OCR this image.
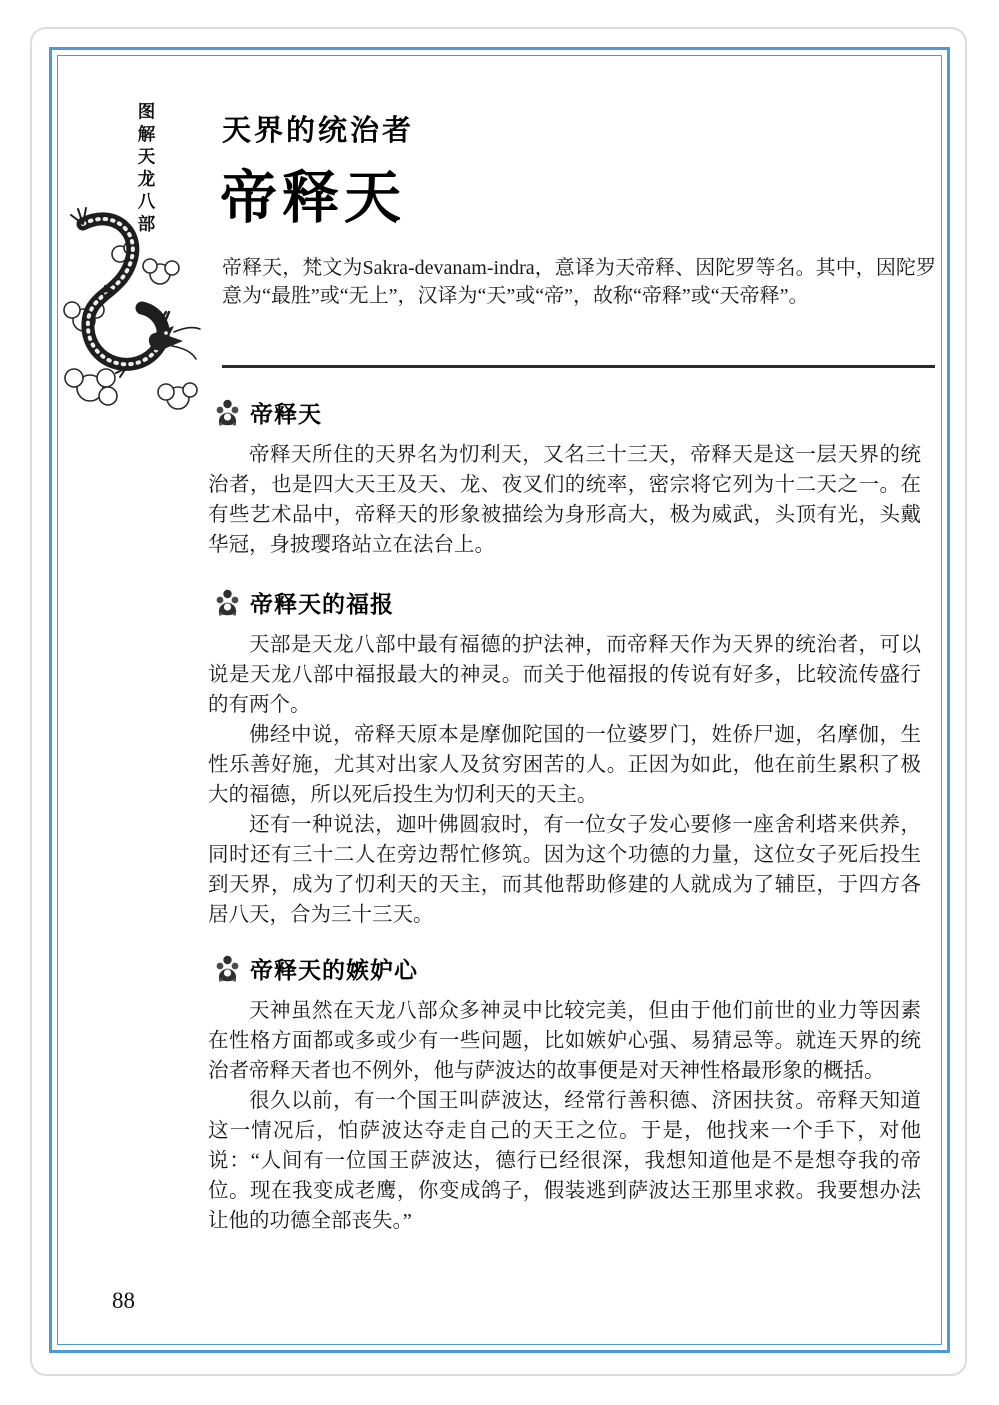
图解天龙八部 天界的统治者
帝释天
帝释天，梵文为Sakra-devanam-indra，意译为天帝释、因陀罗等名。其中，因陀罗意为“最胜”或“无上”，汉译为“天”或“帝”，故称“帝释”或“天帝释”。
帝释天

帝释天所住的天界名为忉利天，又名三十三天，帝释天是这一层天界的统治者，也是四大天王及天、龙、夜叉们的统率，密宗将它列为十二天之一。在有些艺术品中，帝释天的形象被描绘为身形高大，极为威武，头顶有光，头戴华冠，身披璎珞站立在法台上。

帝释天的福报

天部是天龙八部中最有福德的护法神，而帝释天作为天界的统治者，可以说是天龙八部中福报最大的神灵。而关于他福报的传说有好多，比较流传盛行的有两个。

佛经中说，帝释天原本是摩伽陀国的一位婆罗门，姓侨尸迦，名摩伽，生性乐善好施，尤其对出家人及贫穷困苦的人。正因为如此，他在前生累积了极大的福德，所以死后投生为忉利天的天主。

还有一种说法，迦叶佛圆寂时，有一位女子发心要修一座舍利塔来供养，同时还有三十二人在旁边帮忙修筑。因为这个功德的力量，这位女子死后投生到天界，成为了忉利天的天主，而其他帮助修建的人就成为了辅臣，于四方各居八天，合为三十三天。

帝释天的嫉妒心

天神虽然在天龙八部众多神灵中比较完美，但由于他们前世的业力等因素在性格方面都或多或少有一些问题，比如嫉妒心强、易猜忌等。就连天界的统治者帝释天者也不例外，他与萨波达的故事便是对天神性格最形象的概括。

很久以前，有一个国王叫萨波达，经常行善积德、济困扶贫。帝释天知道这一情况后，怕萨波达夺走自己的天王之位。于是，他找来一个手下，对他说：“人间有一位国王萨波达，德行已经很深，我想知道他是不是想夺我的帝位。现在我变成老鹰，你变成鸽子，假装逃到萨波达王那里求救。我要想办法让他的功德全部丧失。”

88
